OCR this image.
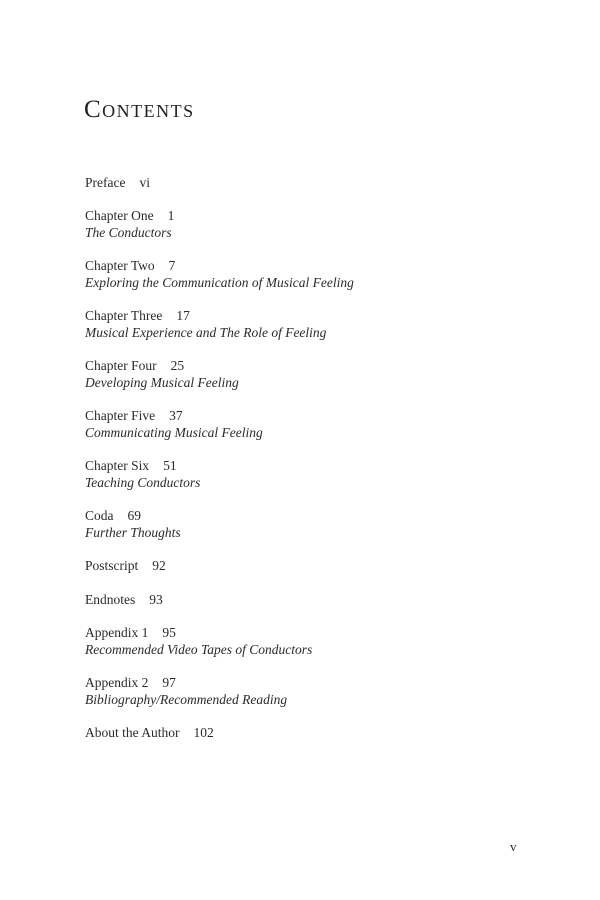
Contents
Preface vi
Chapter One 1
The Conductors
Chapter Two 7
Exploring the Communication of Musical Feeling
Chapter Three 17
Musical Experience and The Role of Feeling
Chapter Four 25
Developing Musical Feeling
Chapter Five 37
Communicating Musical Feeling
Chapter Six 51
Teaching Conductors
Coda 69
Further Thoughts
Postscript 92
Endnotes 93
Appendix 1 95
Recommended Video Tapes of Conductors
Appendix 2 97
Bibliography/Recommended Reading
About the Author 102
v
